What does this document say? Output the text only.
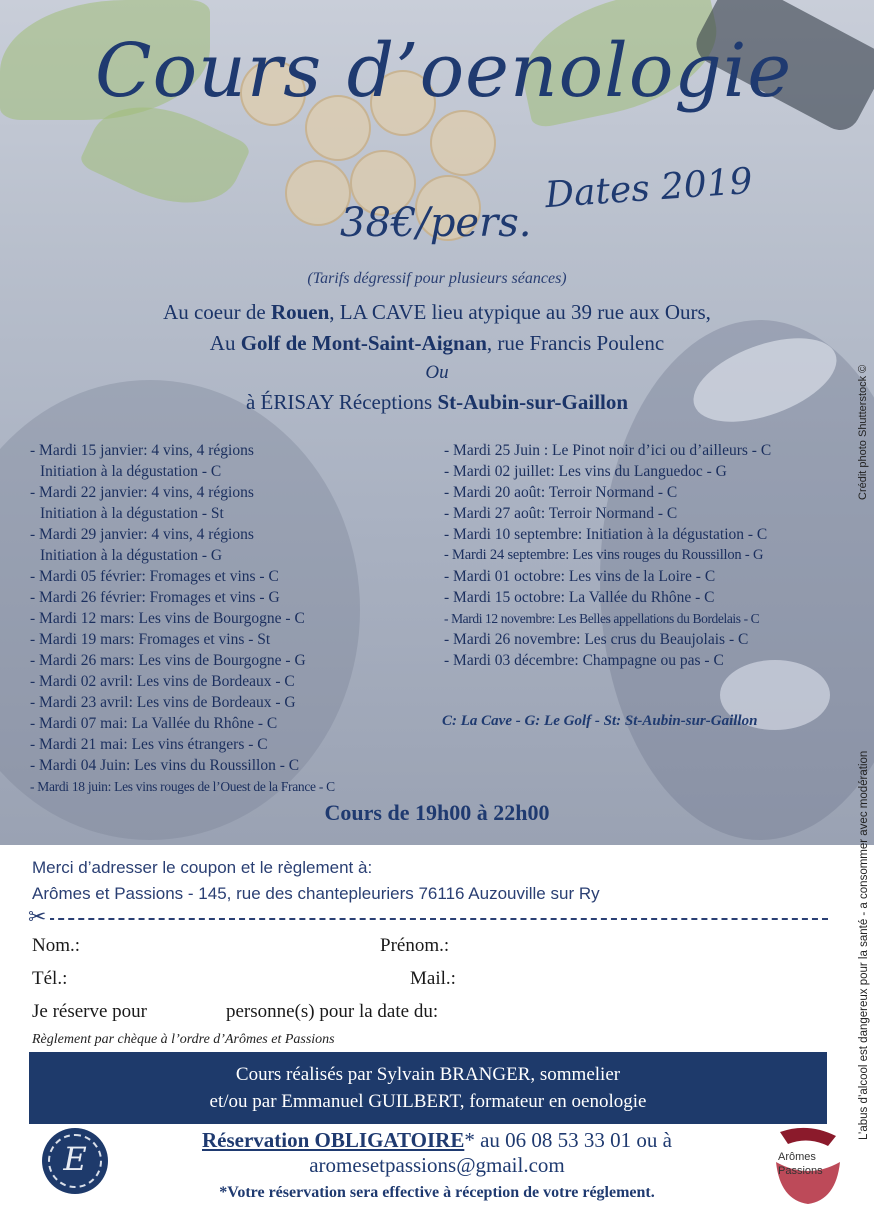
Cours d’oenologie
Dates 2019
38€/pers.
(Tarifs dégressif pour plusieurs séances)
Au coeur de Rouen, LA CAVE lieu atypique au 39 rue aux Ours,
Au Golf de Mont-Saint-Aignan, rue Francis Poulenc
Ou
à ÉRISAY Réceptions St-Aubin-sur-Gaillon
- Mardi 15 janvier: 4 vins, 4 régions
Initiation à la dégustation - C
- Mardi 22 janvier: 4 vins, 4 régions
Initiation à la dégustation - St
- Mardi 29 janvier: 4 vins, 4 régions
Initiation à la dégustation - G
- Mardi 05 février: Fromages et vins - C
- Mardi 26 février: Fromages et vins - G
- Mardi 12 mars: Les vins de Bourgogne - C
- Mardi 19 mars: Fromages et vins - St
- Mardi 26 mars: Les vins de Bourgogne - G
- Mardi 02 avril: Les vins de Bordeaux - C
- Mardi 23 avril: Les vins de Bordeaux - G
- Mardi 07 mai: La Vallée du Rhône - C
- Mardi 21 mai: Les vins étrangers - C
- Mardi 04 Juin: Les vins du Roussillon - C
- Mardi 18 juin: Les vins rouges de l’Ouest de la France - C
- Mardi 25 Juin : Le Pinot noir d’ici ou d’ailleurs - C
- Mardi 02 juillet: Les vins du Languedoc - G
- Mardi 20 août: Terroir Normand - C
- Mardi 27 août: Terroir Normand - C
- Mardi 10 septembre: Initiation à la dégustation - C
- Mardi 24 septembre: Les vins rouges du Roussillon - G
- Mardi 01 octobre: Les vins de la Loire - C
- Mardi 15 octobre: La Vallée du Rhône - C
- Mardi 12 novembre: Les Belles appellations du Bordelais - C
- Mardi 26 novembre: Les crus du Beaujolais - C
- Mardi 03 décembre: Champagne ou pas - C
C: La Cave - G: Le Golf - St: St-Aubin-sur-Gaillon
Cours de 19h00 à 22h00
Crédit photo Shutterstock ©
L’abus d’alcool est dangereux pour la santé - a consommer avec modération
Merci d’adresser le coupon et le règlement à:
Arômes et Passions - 145, rue des chantepleuriers 76116 Auzouville sur Ry
✂
Nom.:	Prénom.:
Tél.:	Mail.:
Je réserve pour	personne(s) pour la date du:
Règlement par chèque à l’ordre d’Arômes et Passions
Cours réalisés par Sylvain BRANGER, sommelier
et/ou par Emmanuel GUILBERT, formateur en oenologie
E	Réservation OBLIGATOIRE* au 06 08 53 33 01 ou à
aromesetpassions@gmail.com
*Votre réservation sera effective à réception de votre réglement.
Arômes
Passions
